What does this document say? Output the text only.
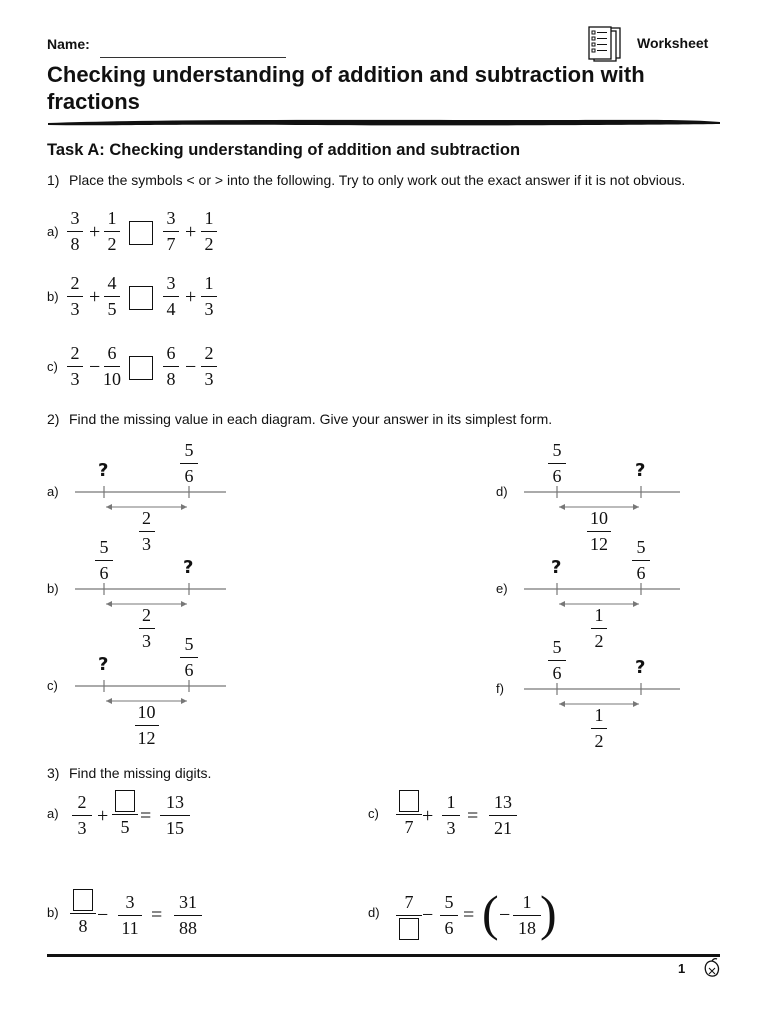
Name:	Worksheet
Checking understanding of addition and subtraction with fractions
Task A: Checking understanding of addition and subtraction
1) Place the symbols < or > into the following. Try to only work out the exact answer if it is not obvious.
a)
3
8
+
1
2
3
7
+
1
2
b)
2
3
+
4
5
3
4
+
1
3
c)
2
3
−
6
10
6
8
−
2
3
2) Find the missing value in each diagram. Give your answer in its simplest form.
a)
5
6
?
2
3
b)
5
6	?
2
3
c)
5
6
?
10
12
d)
5
6	?
10
12
e)
5
6
?
1
2
f)
5
6	?
1
2
3) Find the missing digits.
a)
2
3
+ 5 =
13
15
b)
8 −
3
11
=
31
88
c)
7 +
1
3
=
13
21
d)
7
−
5
6
= ( −
1
18 )
1
